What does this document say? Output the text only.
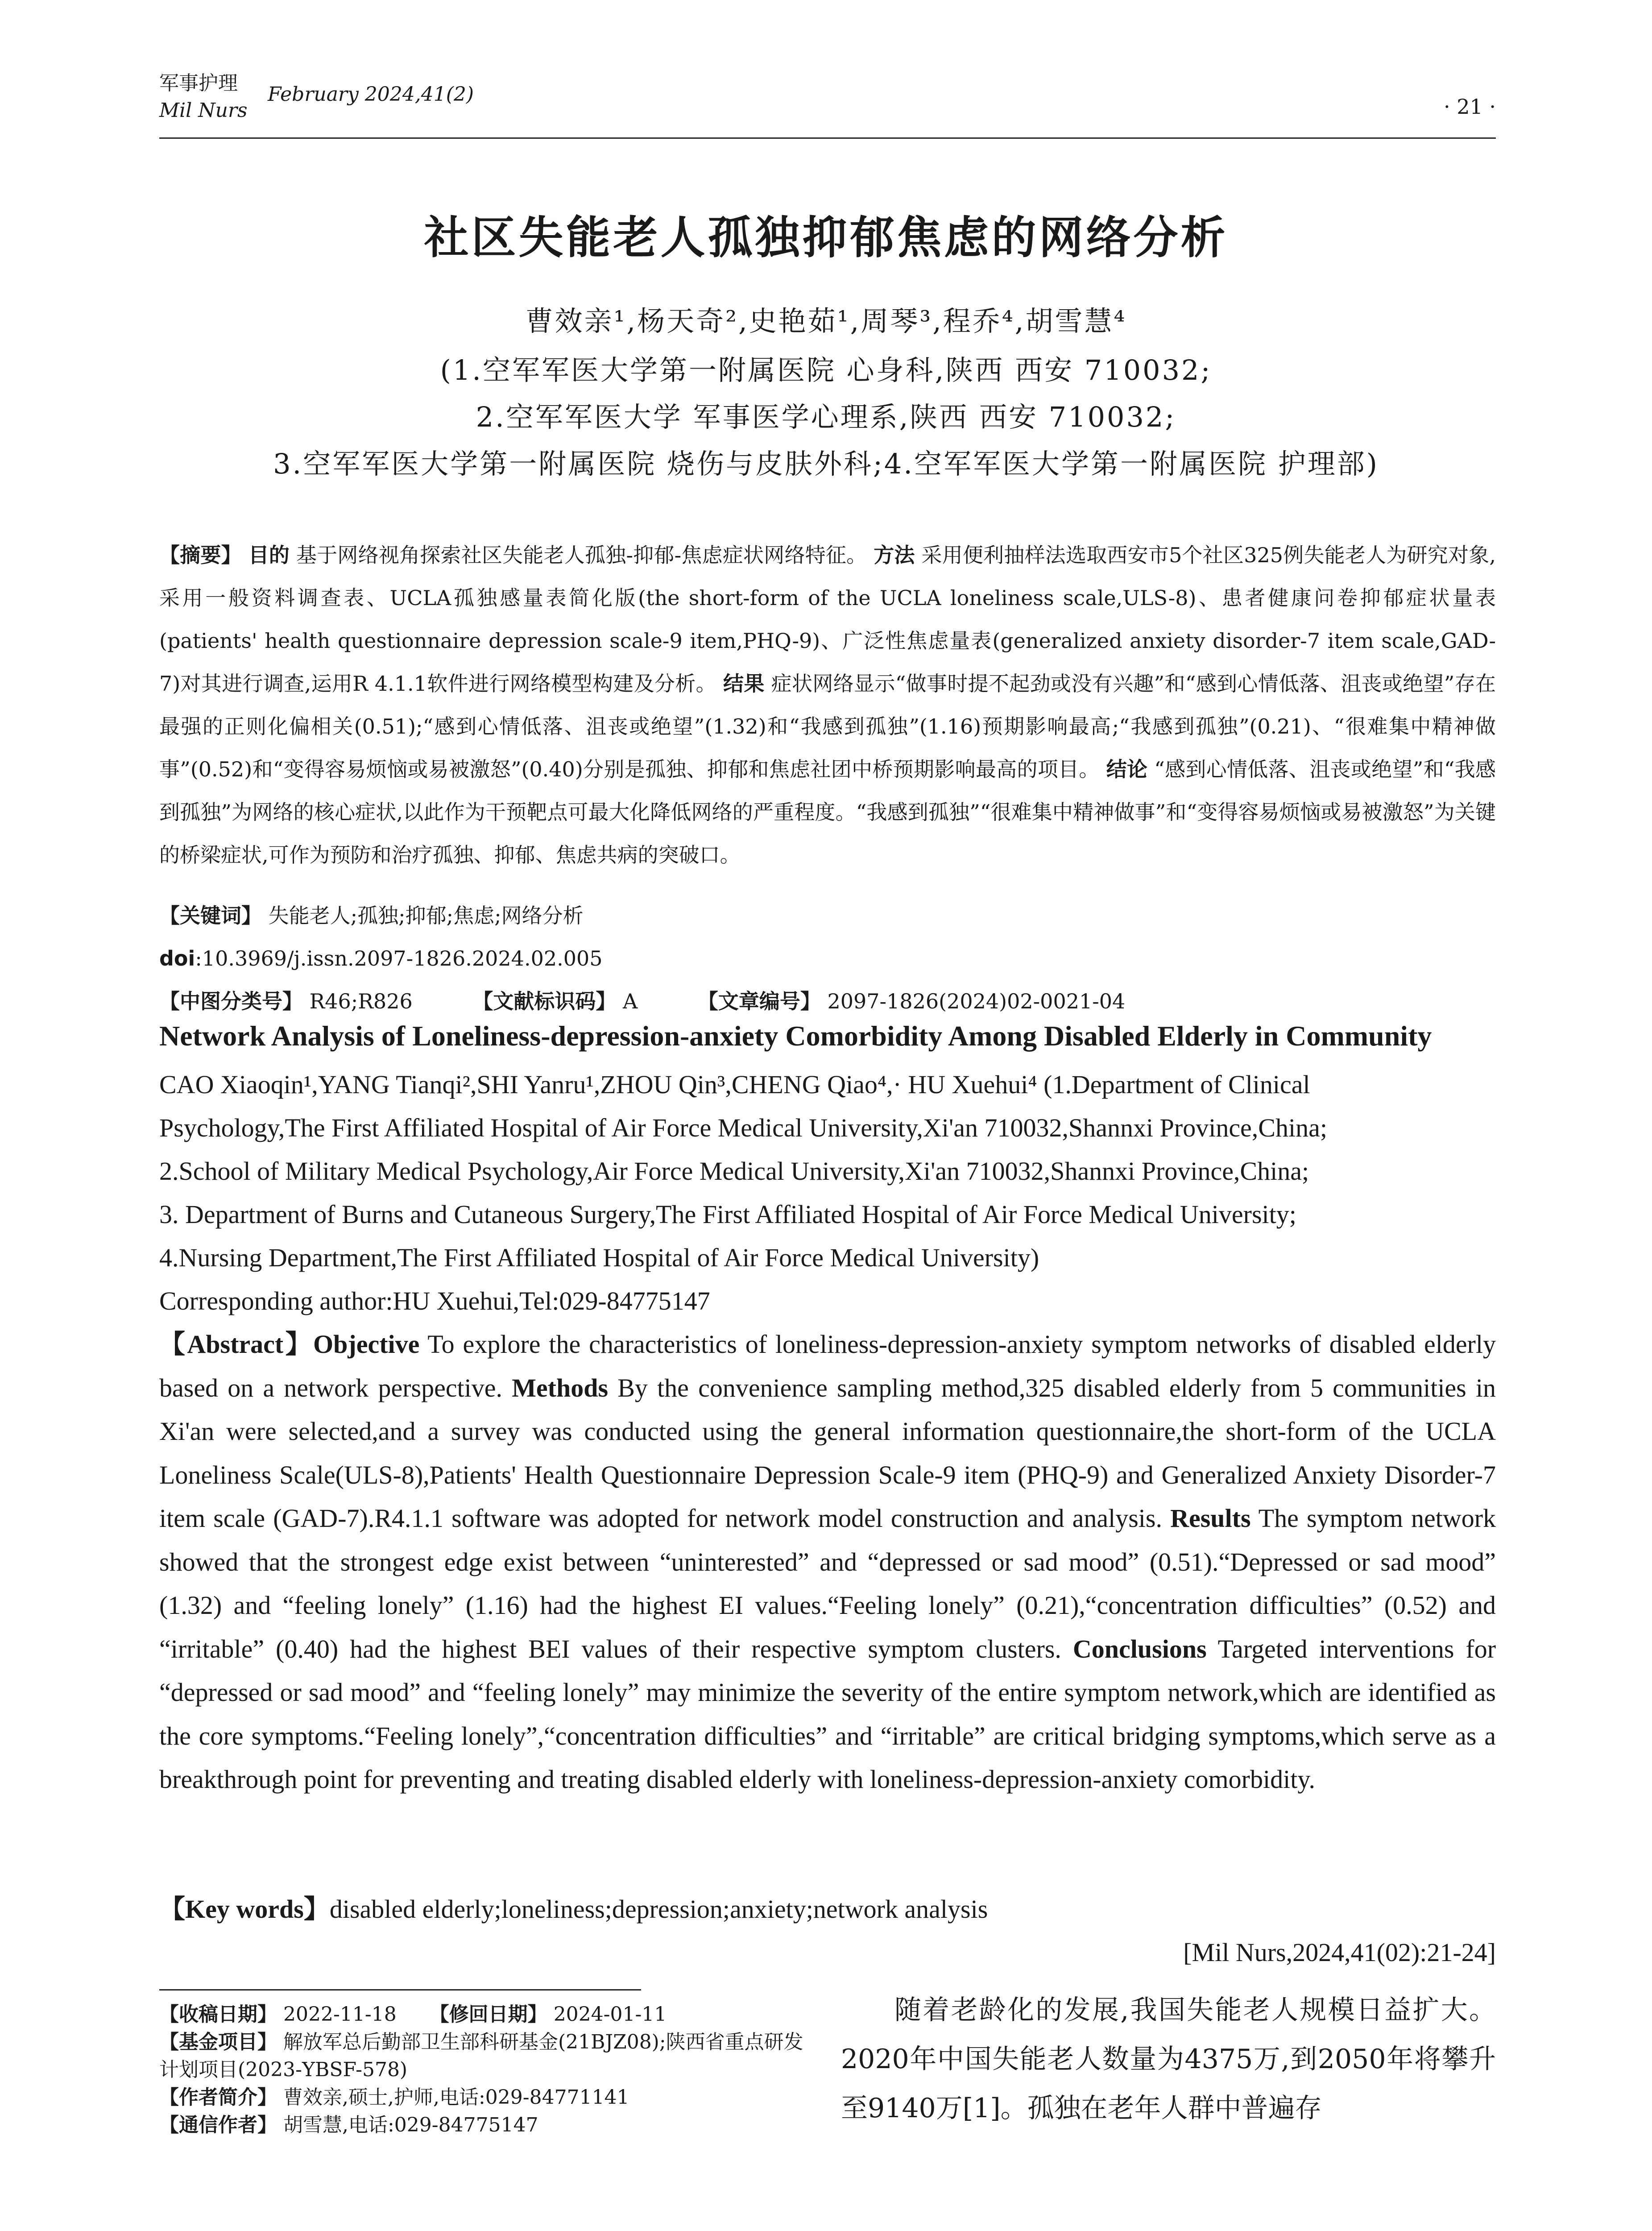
军事护理
Mil Nurs
February 2024,41(2)
· 21 ·
社区失能老人孤独抑郁焦虑的网络分析
曹效亲¹,杨天奇²,史艳茹¹,周琴³,程乔⁴,胡雪慧⁴
(1.空军军医大学第一附属医院 心身科,陕西 西安 710032;
2.空军军医大学 军事医学心理系,陕西 西安 710032;
3.空军军医大学第一附属医院 烧伤与皮肤外科;4.空军军医大学第一附属医院 护理部)
【摘要】 目的 基于网络视角探索社区失能老人孤独-抑郁-焦虑症状网络特征。 方法 采用便利抽样法选取西安市5个社区325例失能老人为研究对象,采用一般资料调查表、UCLA孤独感量表简化版(the short-form of the UCLA loneliness scale,ULS-8)、患者健康问卷抑郁症状量表(patients' health questionnaire depression scale-9 item,PHQ-9)、广泛性焦虑量表(generalized anxiety disorder-7 item scale,GAD-7)对其进行调查,运用R 4.1.1软件进行网络模型构建及分析。 结果 症状网络显示“做事时提不起劲或没有兴趣”和“感到心情低落、沮丧或绝望”存在最强的正则化偏相关(0.51);“感到心情低落、沮丧或绝望”(1.32)和“我感到孤独”(1.16)预期影响最高;“我感到孤独”(0.21)、“很难集中精神做事”(0.52)和“变得容易烦恼或易被激怒”(0.40)分别是孤独、抑郁和焦虑社团中桥预期影响最高的项目。 结论 “感到心情低落、沮丧或绝望”和“我感到孤独”为网络的核心症状,以此作为干预靶点可最大化降低网络的严重程度。“我感到孤独”“很难集中精神做事”和“变得容易烦恼或易被激怒”为关键的桥梁症状,可作为预防和治疗孤独、抑郁、焦虑共病的突破口。
【关键词】 失能老人;孤独;抑郁;焦虑;网络分析
doi:10.3969/j.issn.2097-1826.2024.02.005
【中图分类号】 R46;R826	【文献标识码】 A	【文章编号】 2097-1826(2024)02-0021-04
Network Analysis of Loneliness-depression-anxiety Comorbidity Among Disabled Elderly in Community
CAO Xiaoqin¹,YANG Tianqi²,SHI Yanru¹,ZHOU Qin³,CHENG Qiao⁴,· HU Xuehui⁴ (1.Department of Clinical
Psychology,The First Affiliated Hospital of Air Force Medical University,Xi'an 710032,Shannxi Province,China;
2.School of Military Medical Psychology,Air Force Medical University,Xi'an 710032,Shannxi Province,China;
3. Department of Burns and Cutaneous Surgery,The First Affiliated Hospital of Air Force Medical University;
4.Nursing Department,The First Affiliated Hospital of Air Force Medical University)
Corresponding author:HU Xuehui,Tel:029-84775147
【Abstract】Objective To explore the characteristics of loneliness-depression-anxiety symptom networks of disabled elderly based on a network perspective. Methods By the convenience sampling method,325 disabled elderly from 5 communities in Xi'an were selected,and a survey was conducted using the general information questionnaire,the short-form of the UCLA Loneliness Scale(ULS-8),Patients' Health Questionnaire Depression Scale-9 item (PHQ-9) and Generalized Anxiety Disorder-7 item scale (GAD-7).R4.1.1 software was adopted for network model construction and analysis. Results The symptom network showed that the strongest edge exist between “uninterested” and “depressed or sad mood” (0.51).“Depressed or sad mood” (1.32) and “feeling lonely” (1.16) had the highest EI values.“Feeling lonely” (0.21),“concentration difficulties” (0.52) and “irritable” (0.40) had the highest BEI values of their respective symptom clusters. Conclusions Targeted interventions for “depressed or sad mood” and “feeling lonely” may minimize the severity of the entire symptom network,which are identified as the core symptoms.“Feeling lonely”,“concentration difficulties” and “irritable” are critical bridging symptoms,which serve as a breakthrough point for preventing and treating disabled elderly with loneliness-depression-anxiety comorbidity.
【Key words】disabled elderly;loneliness;depression;anxiety;network analysis
[Mil Nurs,2024,41(02):21-24]
【收稿日期】 2022-11-18 【修回日期】 2024-01-11
【基金项目】 解放军总后勤部卫生部科研基金(21BJZ08);陕西省重点研发计划项目(2023-YBSF-578)
【作者简介】 曹效亲,硕士,护师,电话:029-84771141
【通信作者】 胡雪慧,电话:029-84775147
随着老龄化的发展,我国失能老人规模日益扩大。2020年中国失能老人数量为4375万,到2050年将攀升至9140万[1]。孤独在老年人群中普遍存
